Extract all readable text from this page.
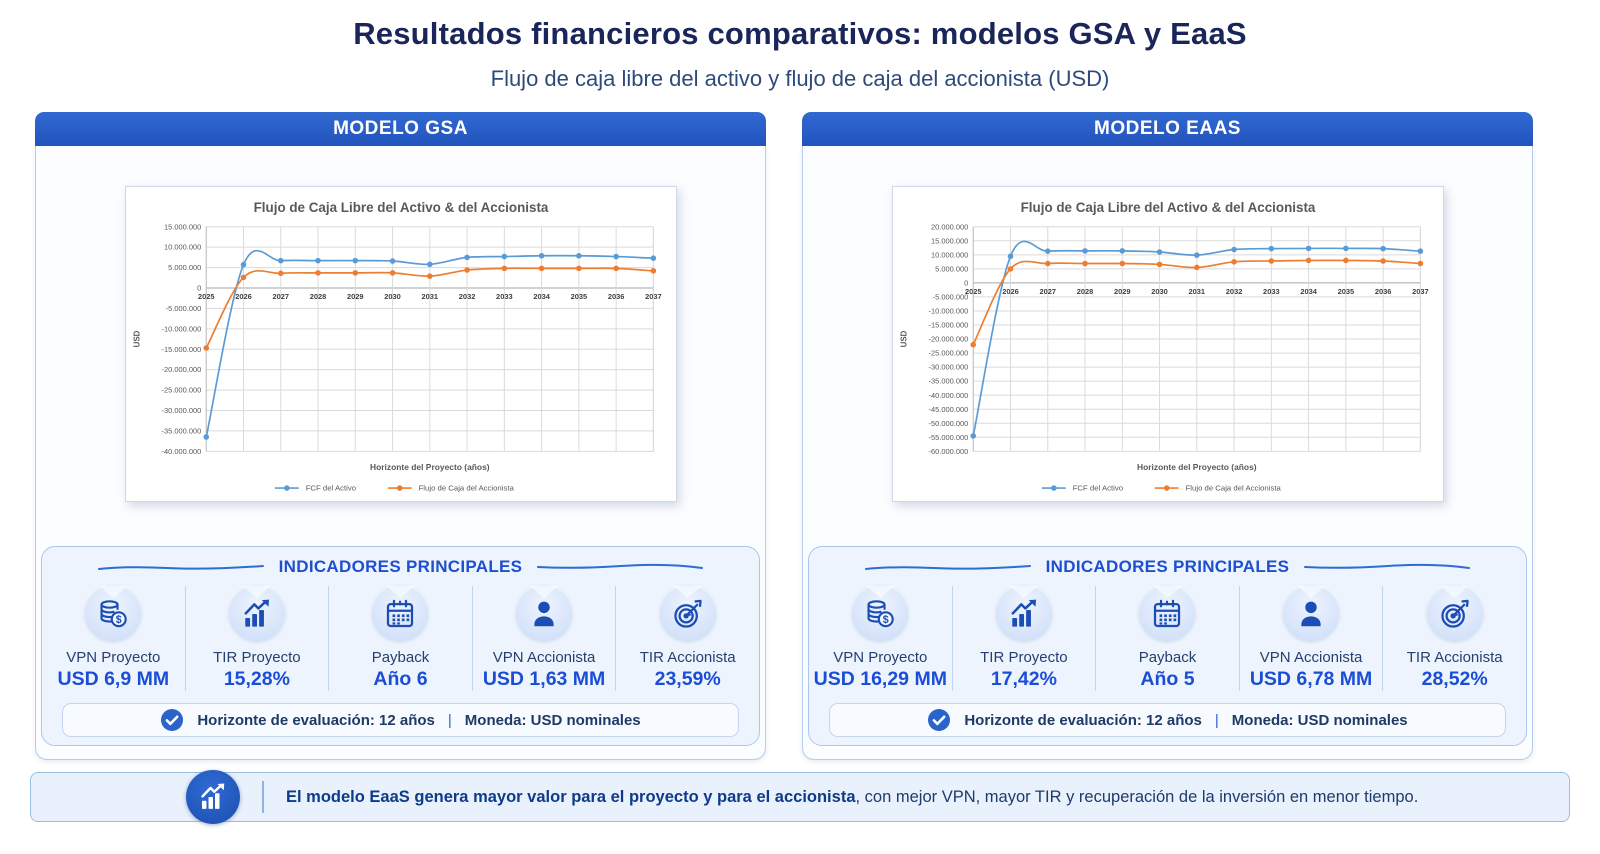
Resultados financieros comparativos: modelos GSA y EaaS
Flujo de caja libre del activo y flujo de caja del accionista (USD)
MODELO GSA
Flujo de Caja Libre del Activo & del Accionista
-40.000.000
-35.000.000
-30.000.000
-25.000.000
-20.000.000
-15.000.000
-10.000.000
-5.000.000
0
5.000.000
10.000.000
15.000.000
2025	2026	2027	2028	2029	2030	2031	2032	2033	2034	2035	2036	2037
USD
Horizonte del Proyecto (años)
FCF del Activo	Flujo de Caja del Accionista
INDICADORES PRINCIPALES
VPN Proyecto
USD 6,9 MM
TIR Proyecto
15,28%
Payback
Año 6
VPN Accionista
USD 1,63 MM
TIR Accionista
23,59%
Horizonte de evaluación: 12 años | Moneda: USD nominales
MODELO EAAS
Flujo de Caja Libre del Activo & del Accionista
-60.000.000
-55.000.000
-50.000.000
-45.000.000
-40.000.000
-35.000.000
-30.000.000
-25.000.000
-20.000.000
-15.000.000
-10.000.000
-5.000.000
0
5.000.000
10.000.000
15.000.000
20.000.000
2025	2026	2027	2028	2029	2030	2031	2032	2033	2034	2035	2036	2037
USD
Horizonte del Proyecto (años)
FCF del Activo	Flujo de Caja del Accionista
INDICADORES PRINCIPALES
VPN Proyecto
USD 16,29 MM
TIR Proyecto
17,42%
Payback
Año 5
VPN Accionista
USD 6,78 MM
TIR Accionista
28,52%
Horizonte de evaluación: 12 años | Moneda: USD nominales
El modelo EaaS genera mayor valor para el proyecto y para el accionista, con mejor VPN, mayor TIR y recuperación de la inversión en menor tiempo.
